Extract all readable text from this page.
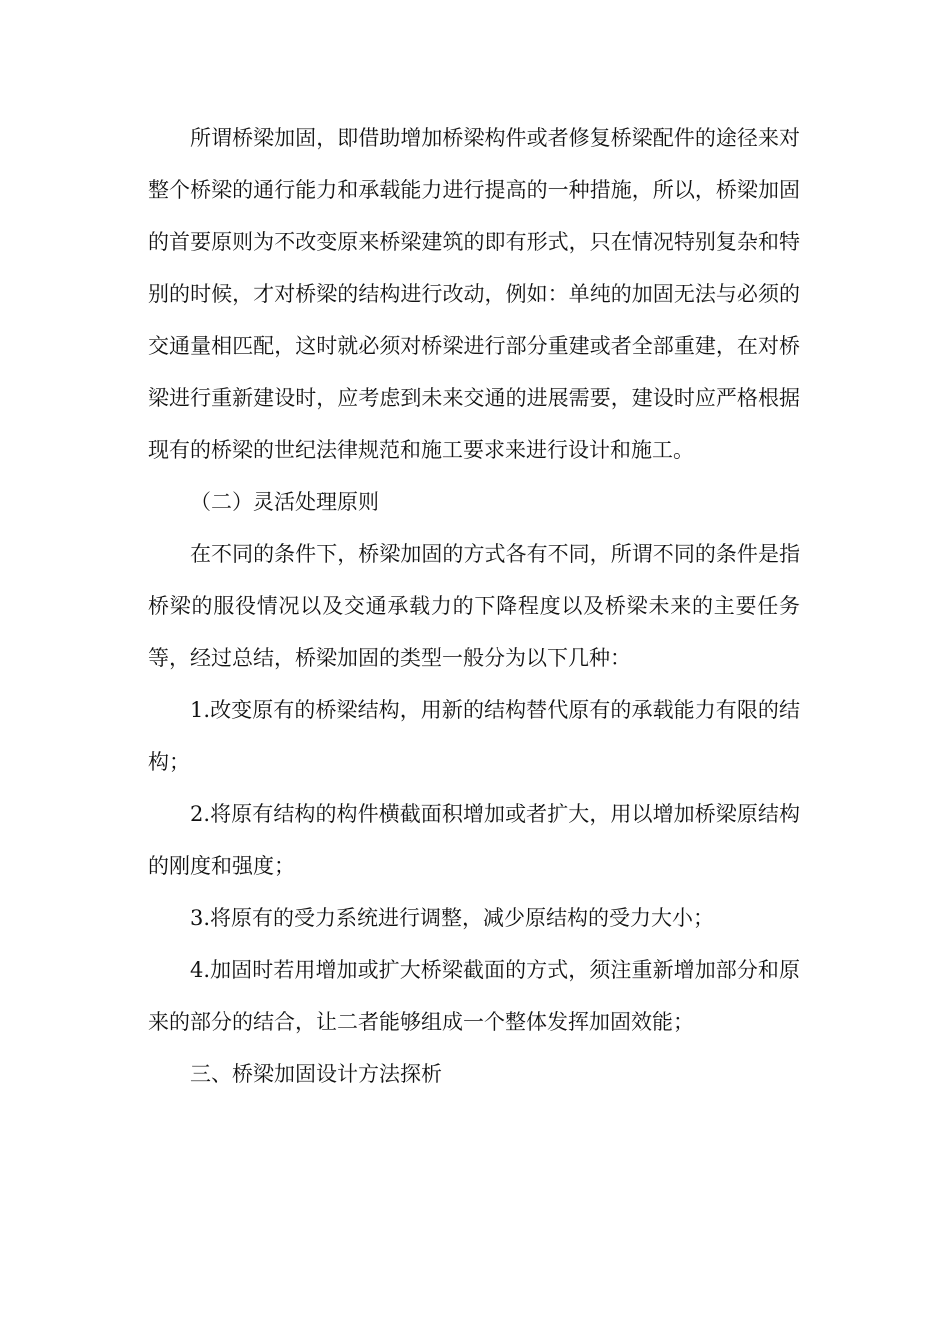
所谓桥梁加固，即借助增加桥梁构件或者修复桥梁配件的途径来对整个桥梁的通行能力和承载能力进行提高的一种措施，所以，桥梁加固的首要原则为不改变原来桥梁建筑的即有形式，只在情况特别复杂和特别的时候，才对桥梁的结构进行改动，例如：单纯的加固无法与必须的交通量相匹配，这时就必须对桥梁进行部分重建或者全部重建，在对桥梁进行重新建设时，应考虑到未来交通的进展需要，建设时应严格根据现有的桥梁的世纪法律规范和施工要求来进行设计和施工。

（二）灵活处理原则

在不同的条件下，桥梁加固的方式各有不同，所谓不同的条件是指桥梁的服役情况以及交通承载力的下降程度以及桥梁未来的主要任务等，经过总结，桥梁加固的类型一般分为以下几种：

1.改变原有的桥梁结构，用新的结构替代原有的承载能力有限的结构；

2.将原有结构的构件横截面积增加或者扩大，用以增加桥梁原结构的刚度和强度；

3.将原有的受力系统进行调整，减少原结构的受力大小；

4.加固时若用增加或扩大桥梁截面的方式，须注重新增加部分和原来的部分的结合，让二者能够组成一个整体发挥加固效能；

三、桥梁加固设计方法探析
